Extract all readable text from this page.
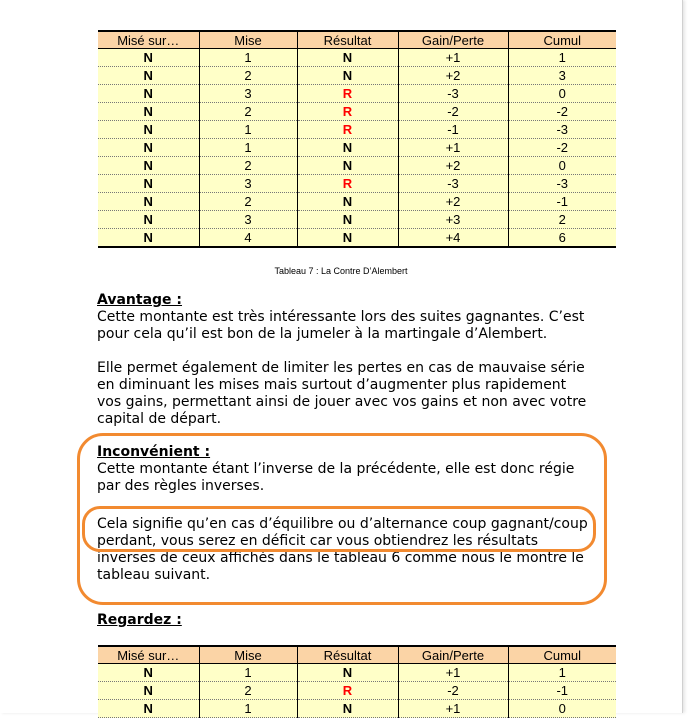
Misé sur…	Mise	Résultat	Gain/Perte	Cumul
N	1	N	+1	1
N	2	N	+2	3
N	3	R	-3	0
N	2	R	-2	-2
N	1	R	-1	-3
N	1	N	+1	-2
N	2	N	+2	0
N	3	R	-3	-3
N	2	N	+2	-1
N	3	N	+3	2
N	4	N	+4	6
Tableau 7 : La Contre D’Alembert
Avantage :
Cette montante est très intéressante lors des suites gagnantes. C’est
pour cela qu’il est bon de la jumeler à la martingale d’Alembert.
Elle permet également de limiter les pertes en cas de mauvaise série
en diminuant les mises mais surtout d’augmenter plus rapidement
vos gains, permettant ainsi de jouer avec vos gains et non avec votre
capital de départ.
Inconvénient :
Cette montante étant l’inverse de la précédente, elle est donc régie
par des règles inverses.
Cela signifie qu’en cas d’équilibre ou d’alternance coup gagnant/coup
perdant, vous serez en déficit car vous obtiendrez les résultats
inverses de ceux affichés dans le tableau 6 comme nous le montre le
tableau suivant.
Regardez :
Misé sur…	Mise	Résultat	Gain/Perte	Cumul
N	1	N	+1	1
N	2	R	-2	-1
N	1	N	+1	0
